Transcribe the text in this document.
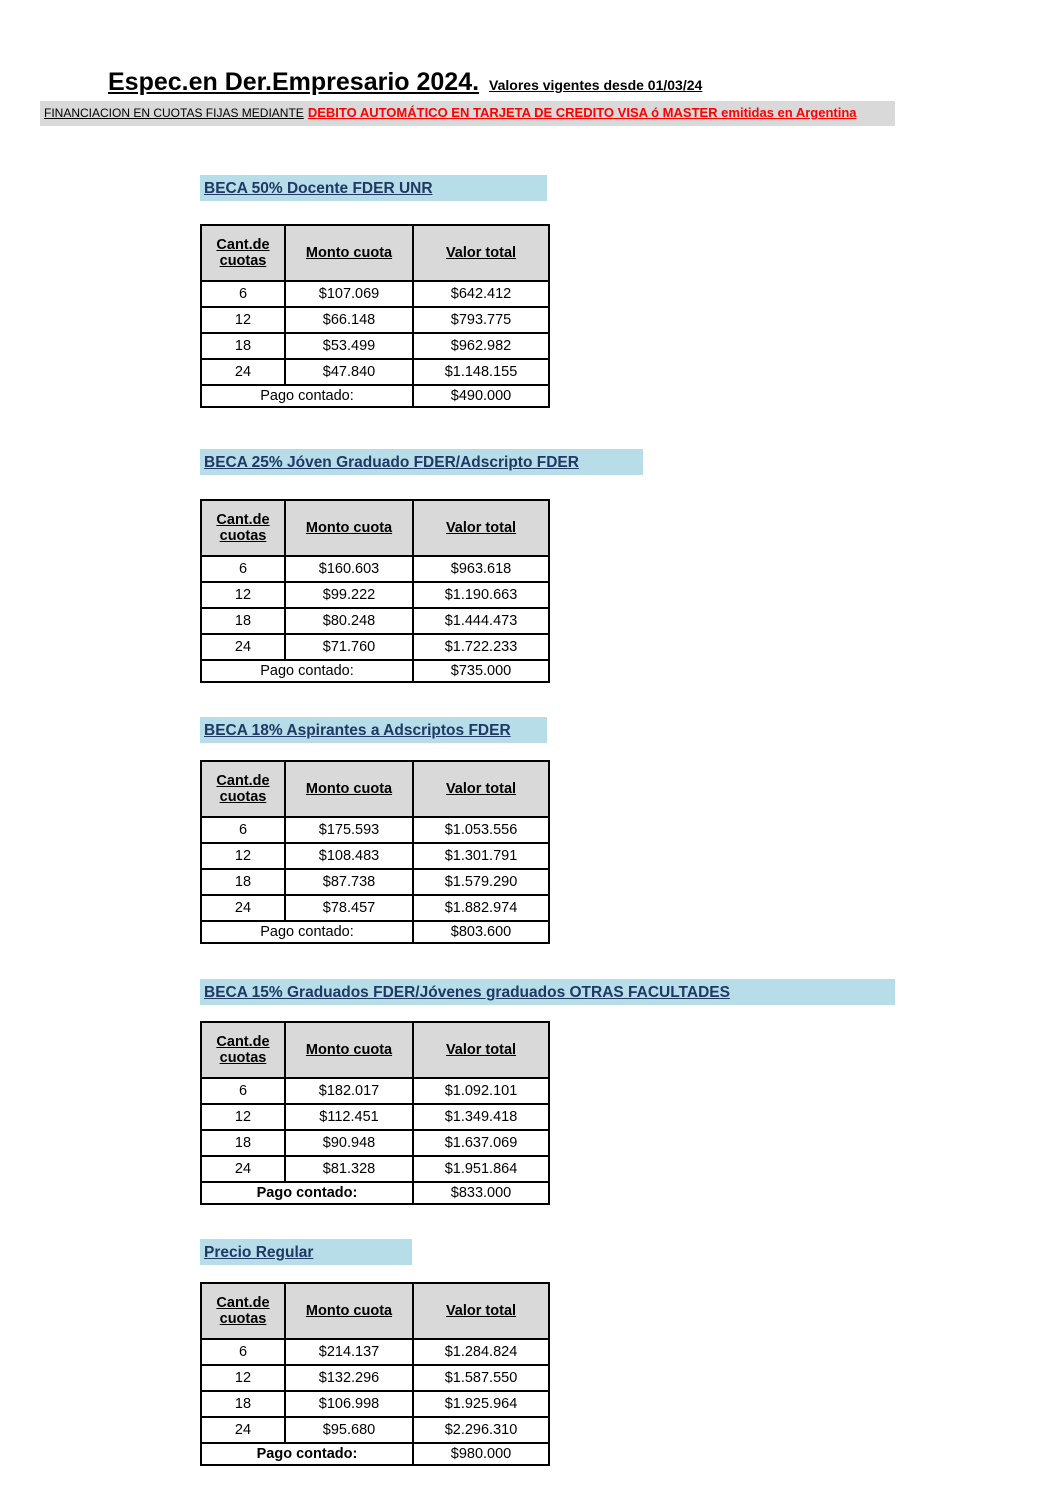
Espec.en Der.Empresario 2024. Valores vigentes desde 01/03/24
FINANCIACION EN CUOTAS FIJAS MEDIANTE DEBITO AUTOMÁTICO EN TARJETA DE CREDITO VISA ó MASTER emitidas en Argentina
BECA 50% Docente FDER UNR
Cant.de cuotas	Monto cuota	Valor total
6	$107.069	$642.412
12	$66.148	$793.775
18	$53.499	$962.982
24	$47.840	$1.148.155
Pago contado:		$490.000
BECA 25% Jóven Graduado FDER/Adscripto FDER
Cant.de cuotas	Monto cuota	Valor total
6	$160.603	$963.618
12	$99.222	$1.190.663
18	$80.248	$1.444.473
24	$71.760	$1.722.233
Pago contado:		$735.000
BECA 18% Aspirantes a Adscriptos FDER
Cant.de cuotas	Monto cuota	Valor total
6	$175.593	$1.053.556
12	$108.483	$1.301.791
18	$87.738	$1.579.290
24	$78.457	$1.882.974
Pago contado:		$803.600
BECA 15% Graduados FDER/Jóvenes graduados OTRAS FACULTADES
Cant.de cuotas	Monto cuota	Valor total
6	$182.017	$1.092.101
12	$112.451	$1.349.418
18	$90.948	$1.637.069
24	$81.328	$1.951.864
Pago contado:		$833.000
Precio Regular
Cant.de cuotas	Monto cuota	Valor total
6	$214.137	$1.284.824
12	$132.296	$1.587.550
18	$106.998	$1.925.964
24	$95.680	$2.296.310
Pago contado:		$980.000
